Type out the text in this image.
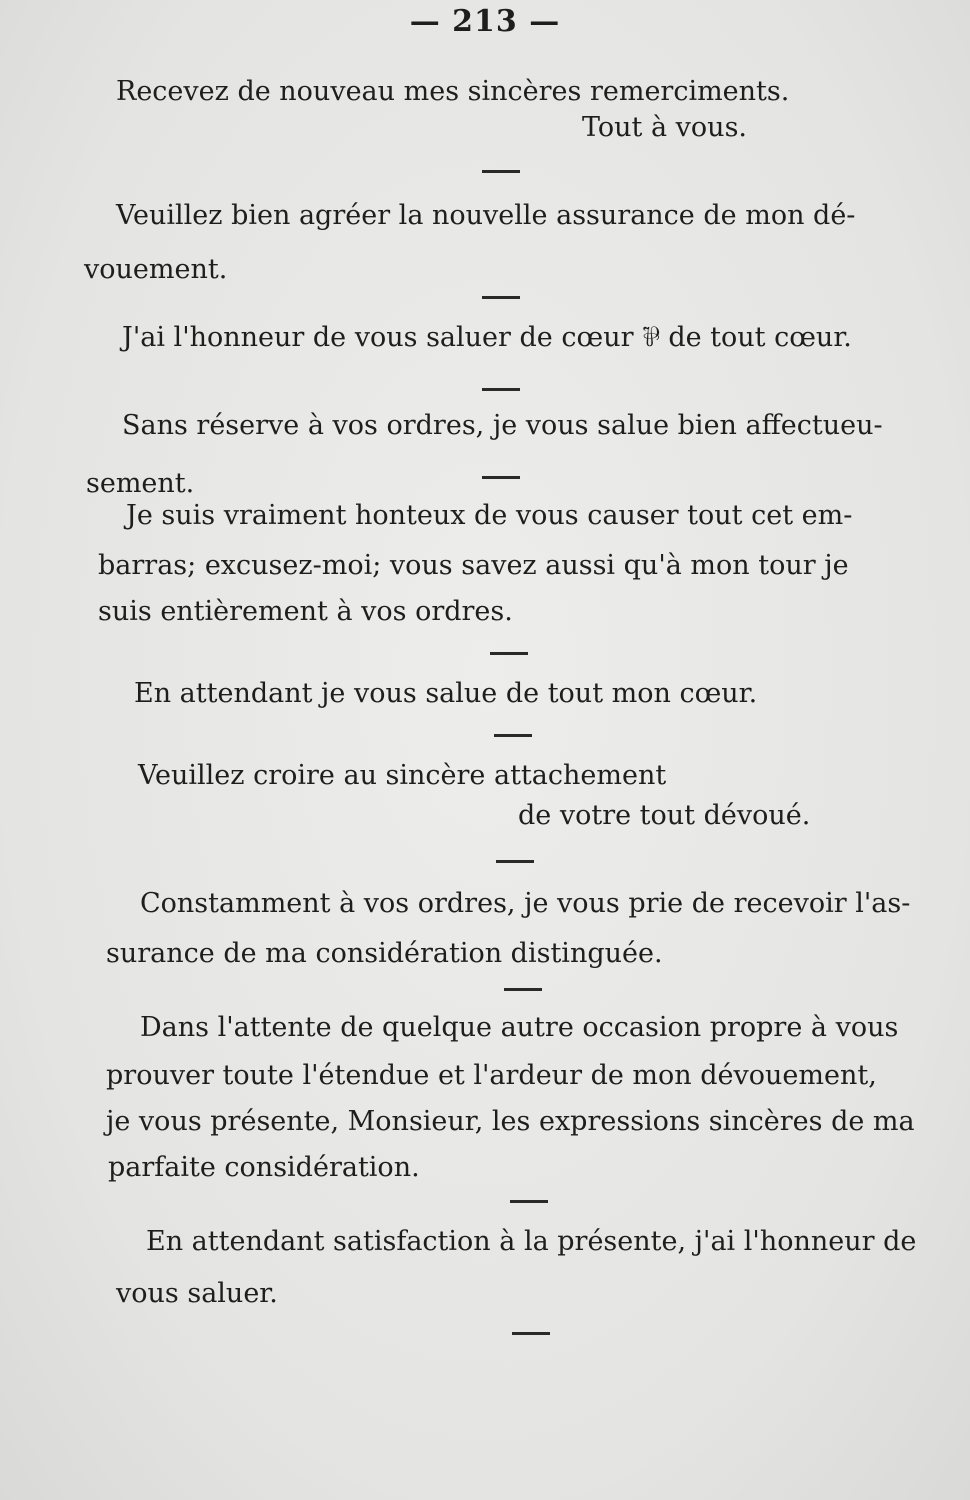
— 213 —
Recevez de nouveau mes sincères remerciments.
Tout à vous.
Veuillez bien agréer la nouvelle assurance de mon dé-
vouement.
J'ai l'honneur de vous saluer de cœur ⅌ de tout cœur.
Sans réserve à vos ordres, je vous salue bien affectueu-
sement.
Je suis vraiment honteux de vous causer tout cet em-
barras; excusez-moi; vous savez aussi qu'à mon tour je
suis entièrement à vos ordres.
En attendant je vous salue de tout mon cœur.
Veuillez croire au sincère attachement
de votre tout dévoué.
Constamment à vos ordres, je vous prie de recevoir l'as-
surance de ma considération distinguée.
Dans l'attente de quelque autre occasion propre à vous
prouver toute l'étendue et l'ardeur de mon dévouement,
je vous présente, Monsieur, les expressions sincères de ma
parfaite considération.
En attendant satisfaction à la présente, j'ai l'honneur de
vous saluer.
